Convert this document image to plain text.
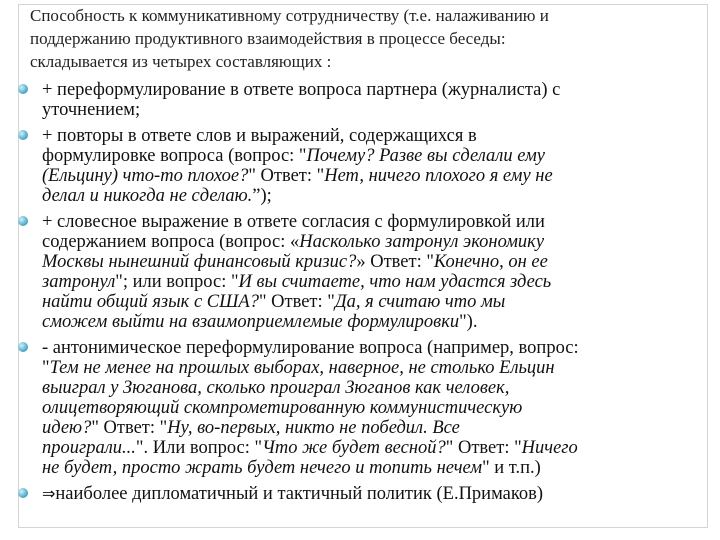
Способность к коммуникативному сотрудничеству (т.е. налаживанию и

поддержанию продуктивного взаимодействия в процессе беседы:

складывается из четырех составляющих :

+ переформулирование в ответе вопроса партнера (журналиста) с
уточнением;
+ повторы в ответе слов и выражений, содержащихся в
формулировке вопроса (вопрос: "Почему? Разве вы сделали ему
(Ельцину) что-то плохое?" Ответ: "Нет, ничего плохого я ему не
делал и никогда не сделаю.”);
+ словесное выражение в ответе согласия с формулировкой или
содержанием вопроса (вопрос: «Насколько затронул экономику
Москвы нынешний финансовый кризис?» Ответ: "Конечно, он ее
затронул"; или вопрос: "И вы считаете, что нам удастся здесь
найти общий язык с США?" Ответ: "Да, я считаю что мы
сможем выйти на взаимоприемлемые формулировки").
- антонимическое переформулирование вопроса (например, вопрос:
"Тем не менее на прошлых выборах, наверное, не столько Ельцин
выиграл у Зюганова, сколько проиграл Зюганов как человек,
олицетворяющий скомпрометированную коммунистическую
идею?" Ответ: "Ну, во-первых, никто не победил. Все
проиграли...". Или вопрос: "Что же будет весной?" Ответ: "Ничего
не будет, просто жрать будет нечего и топить нечем" и т.п.)
⇒наиболее дипломатичный и тактичный политик (Е.Примаков)
